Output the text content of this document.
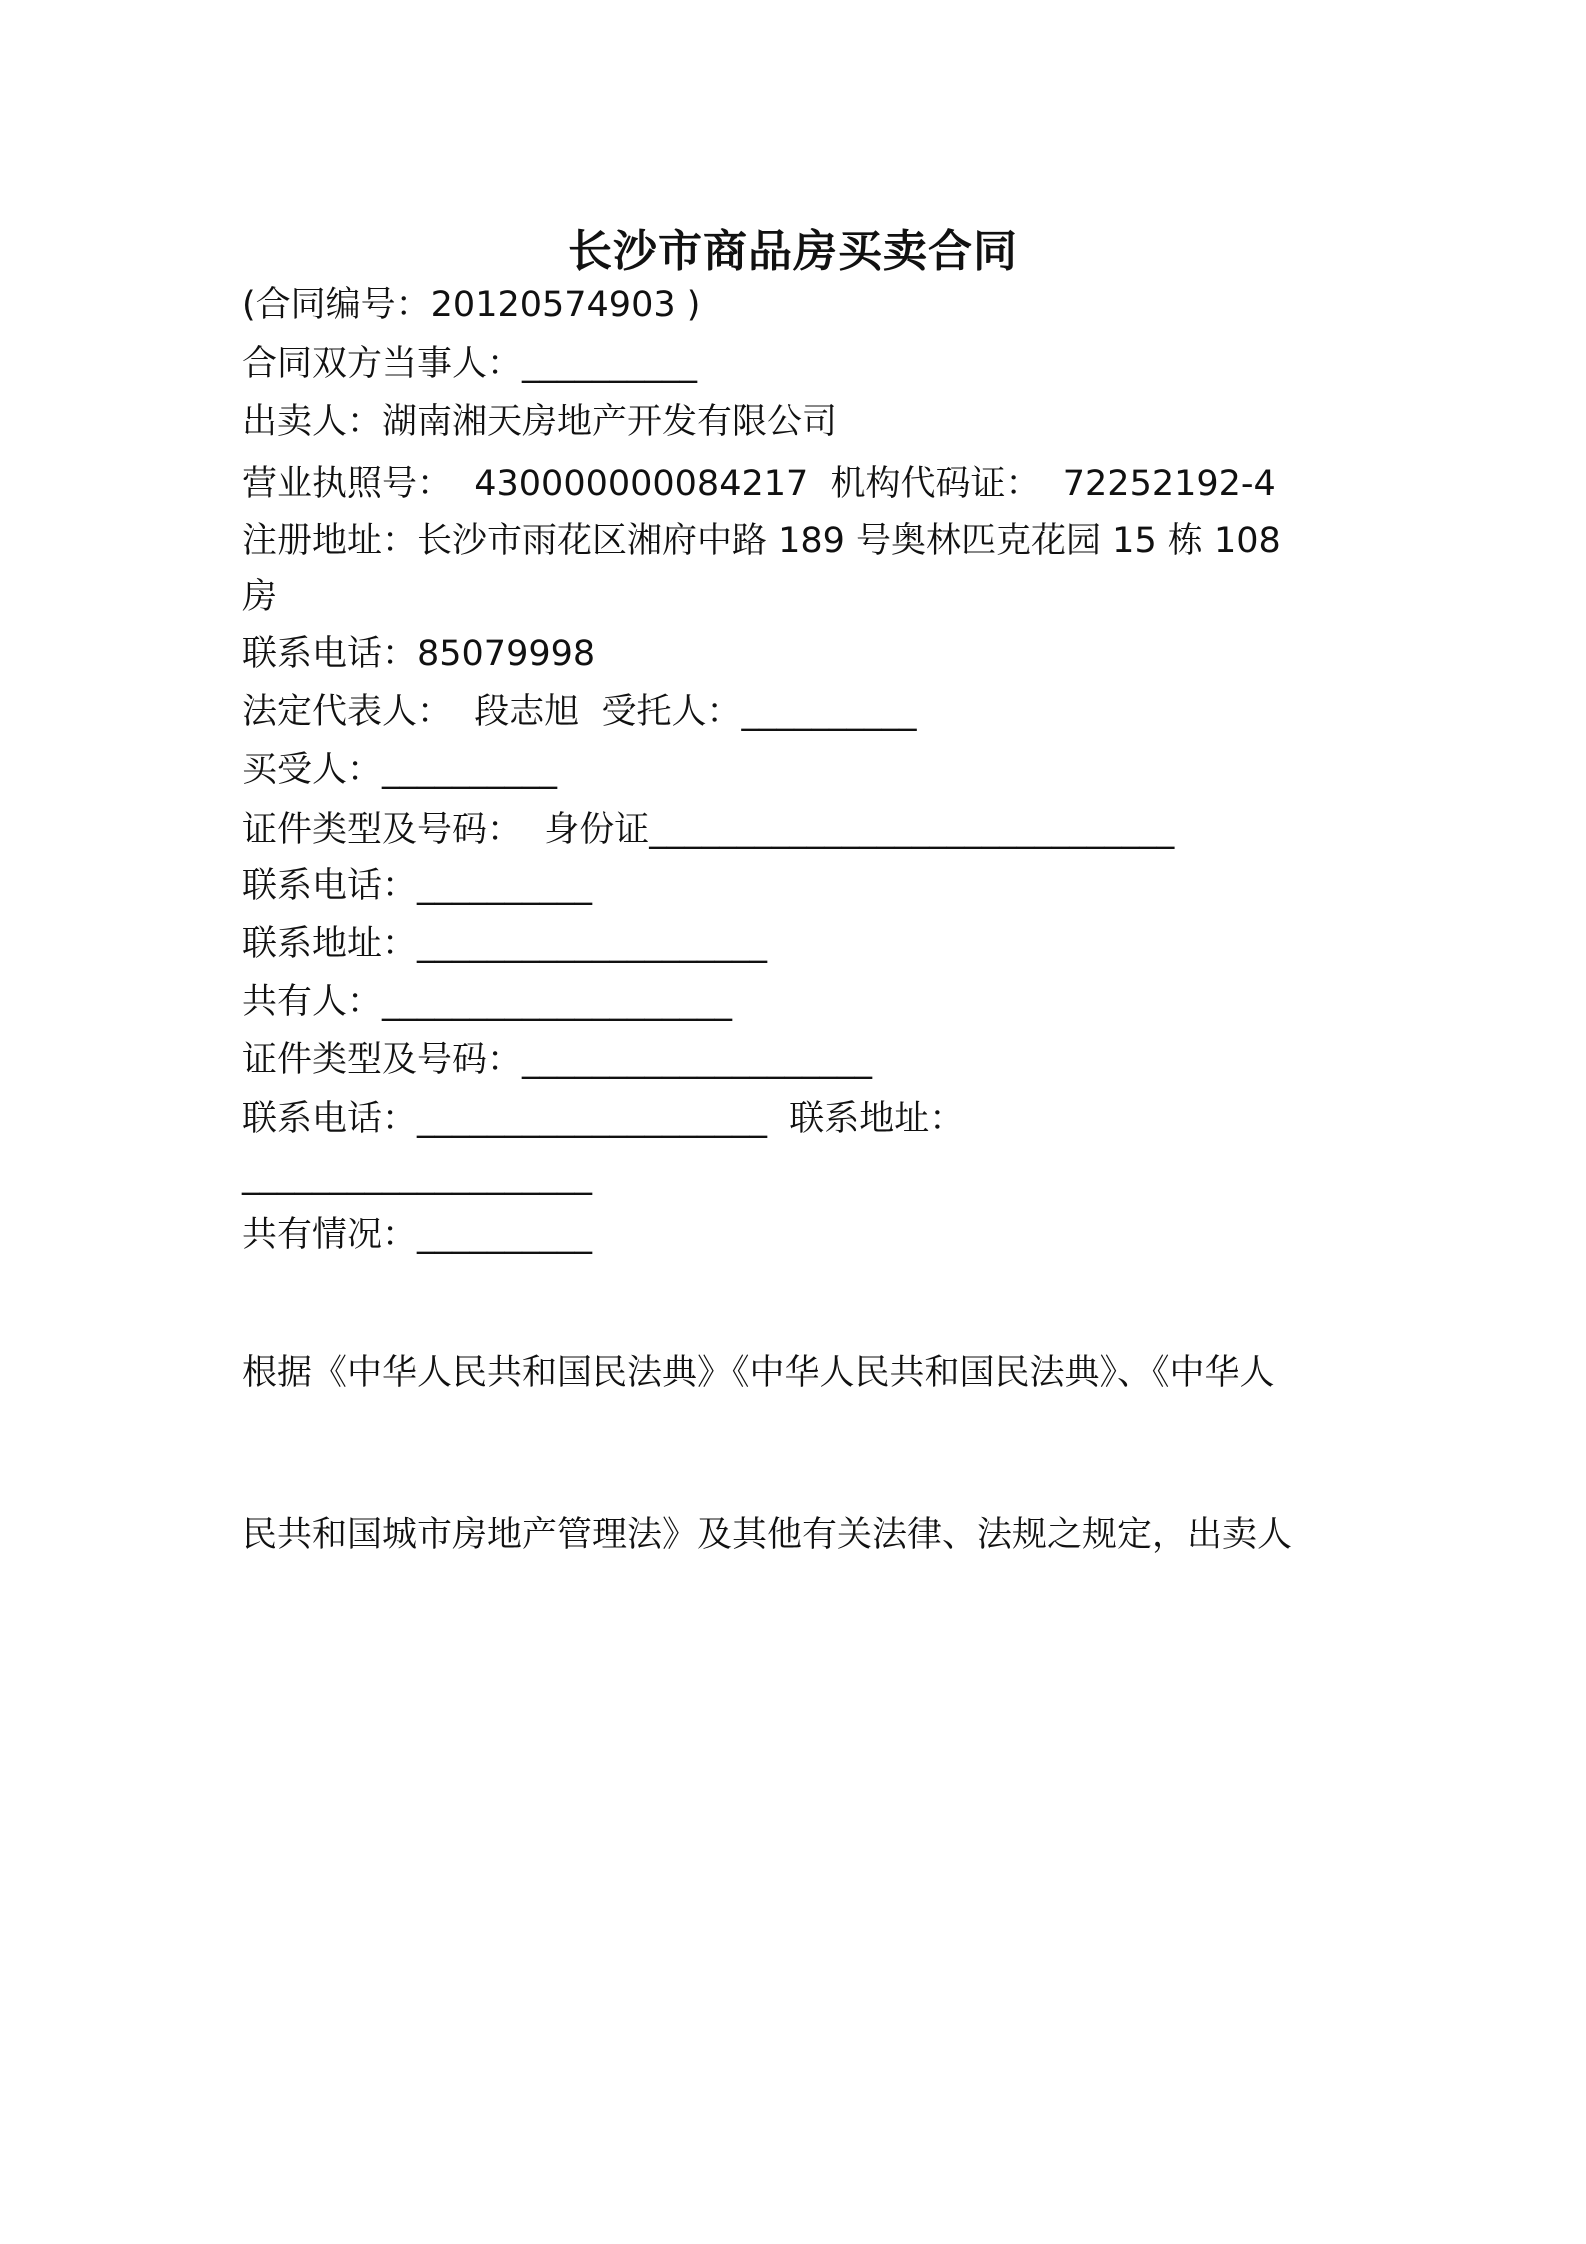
长沙市商品房买卖合同
(合同编号：20120574903 )
合同双方当事人：__________
出卖人：湖南湘天房地产开发有限公司
营业执照号：  430000000084217  机构代码证：  72252192-4
注册地址：长沙市雨花区湘府中路 189 号奥林匹克花园 15 栋 108
房
联系电话：85079998
法定代表人：  段志旭  受托人：__________
买受人：__________
证件类型及号码：  身份证______________________________
联系电话：__________
联系地址：____________________
共有人：____________________
证件类型及号码：____________________
联系电话：____________________  联系地址：
____________________
共有情况：__________

根据《中华人民共和国民法典》《中华人民共和国民法典》、《中华人

民共和国城市房地产管理法》及其他有关法律、法规之规定，出卖人
